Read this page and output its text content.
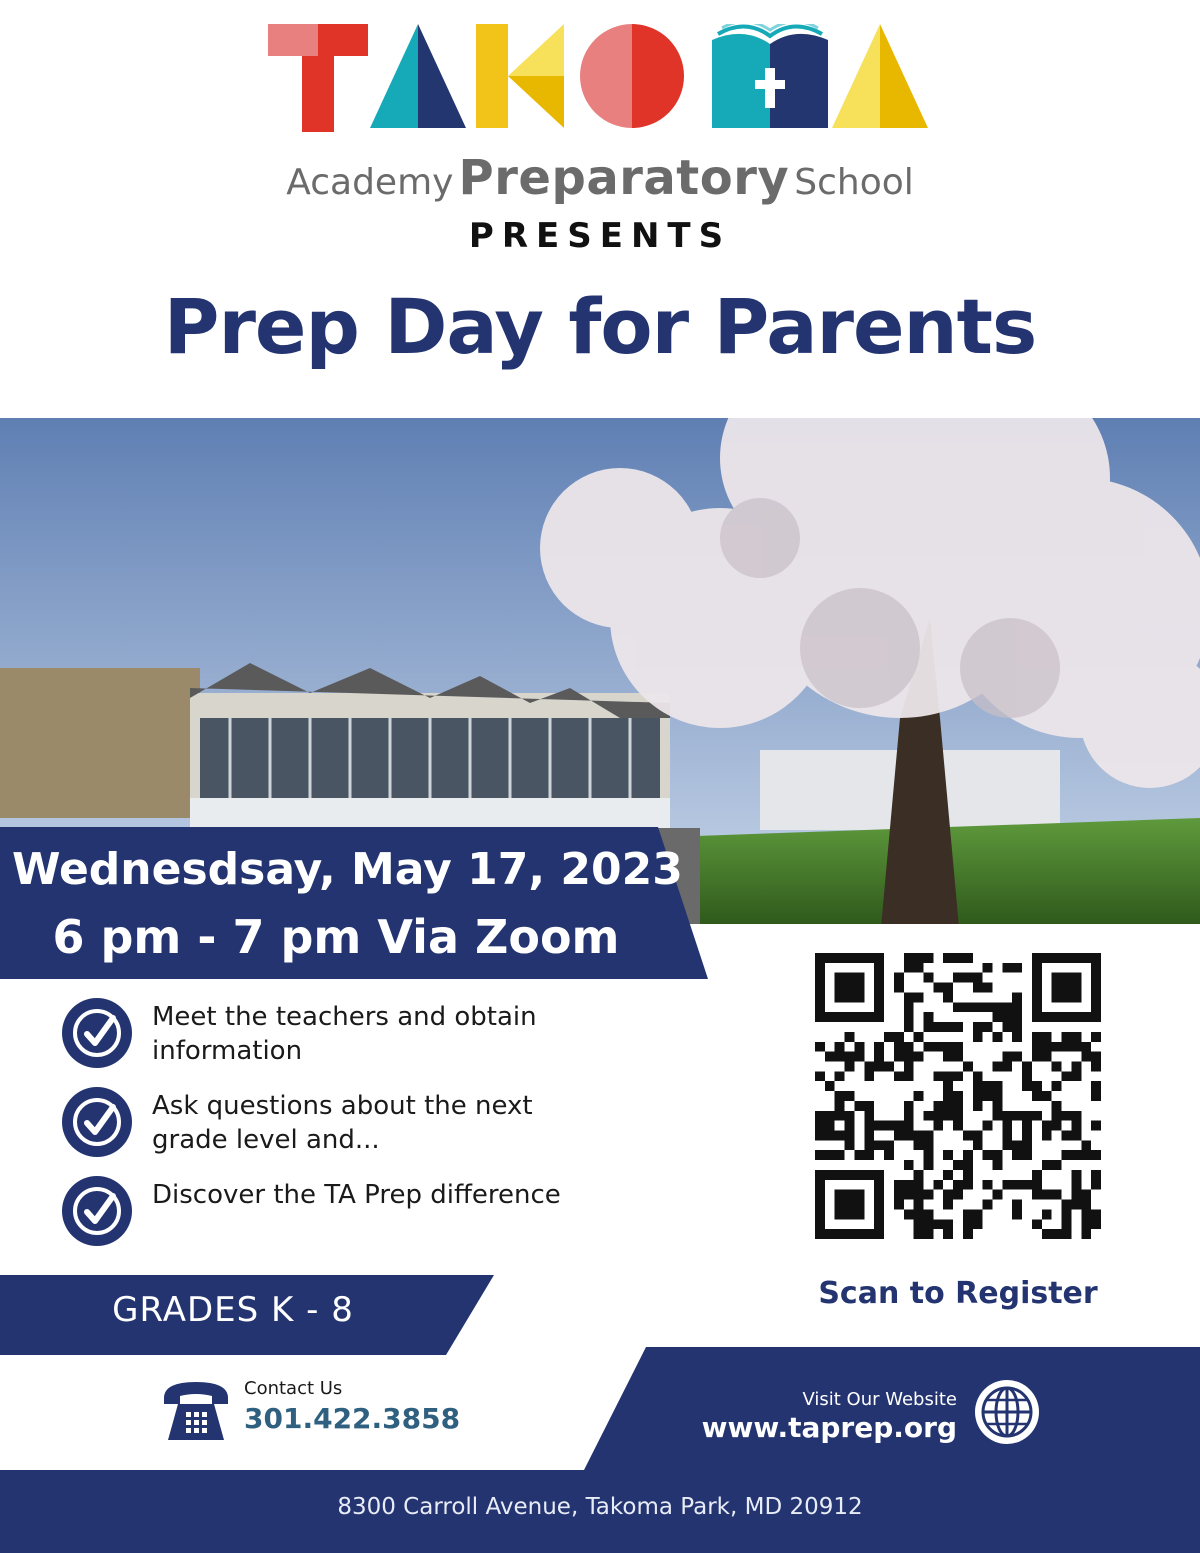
Academy Preparatory School
PRESENTS
Prep Day for Parents
Wednesdsay, May 17, 2023
6 pm - 7 pm Via Zoom
Meet the teachers and obtain information
Ask questions about the next grade level and...
Discover the TA Prep difference
GRADES K - 8	Scan to Register
Contact Us
301.422.3858
Visit Our Website
www.taprep.org
8300 Carroll Avenue, Takoma Park, MD 20912
